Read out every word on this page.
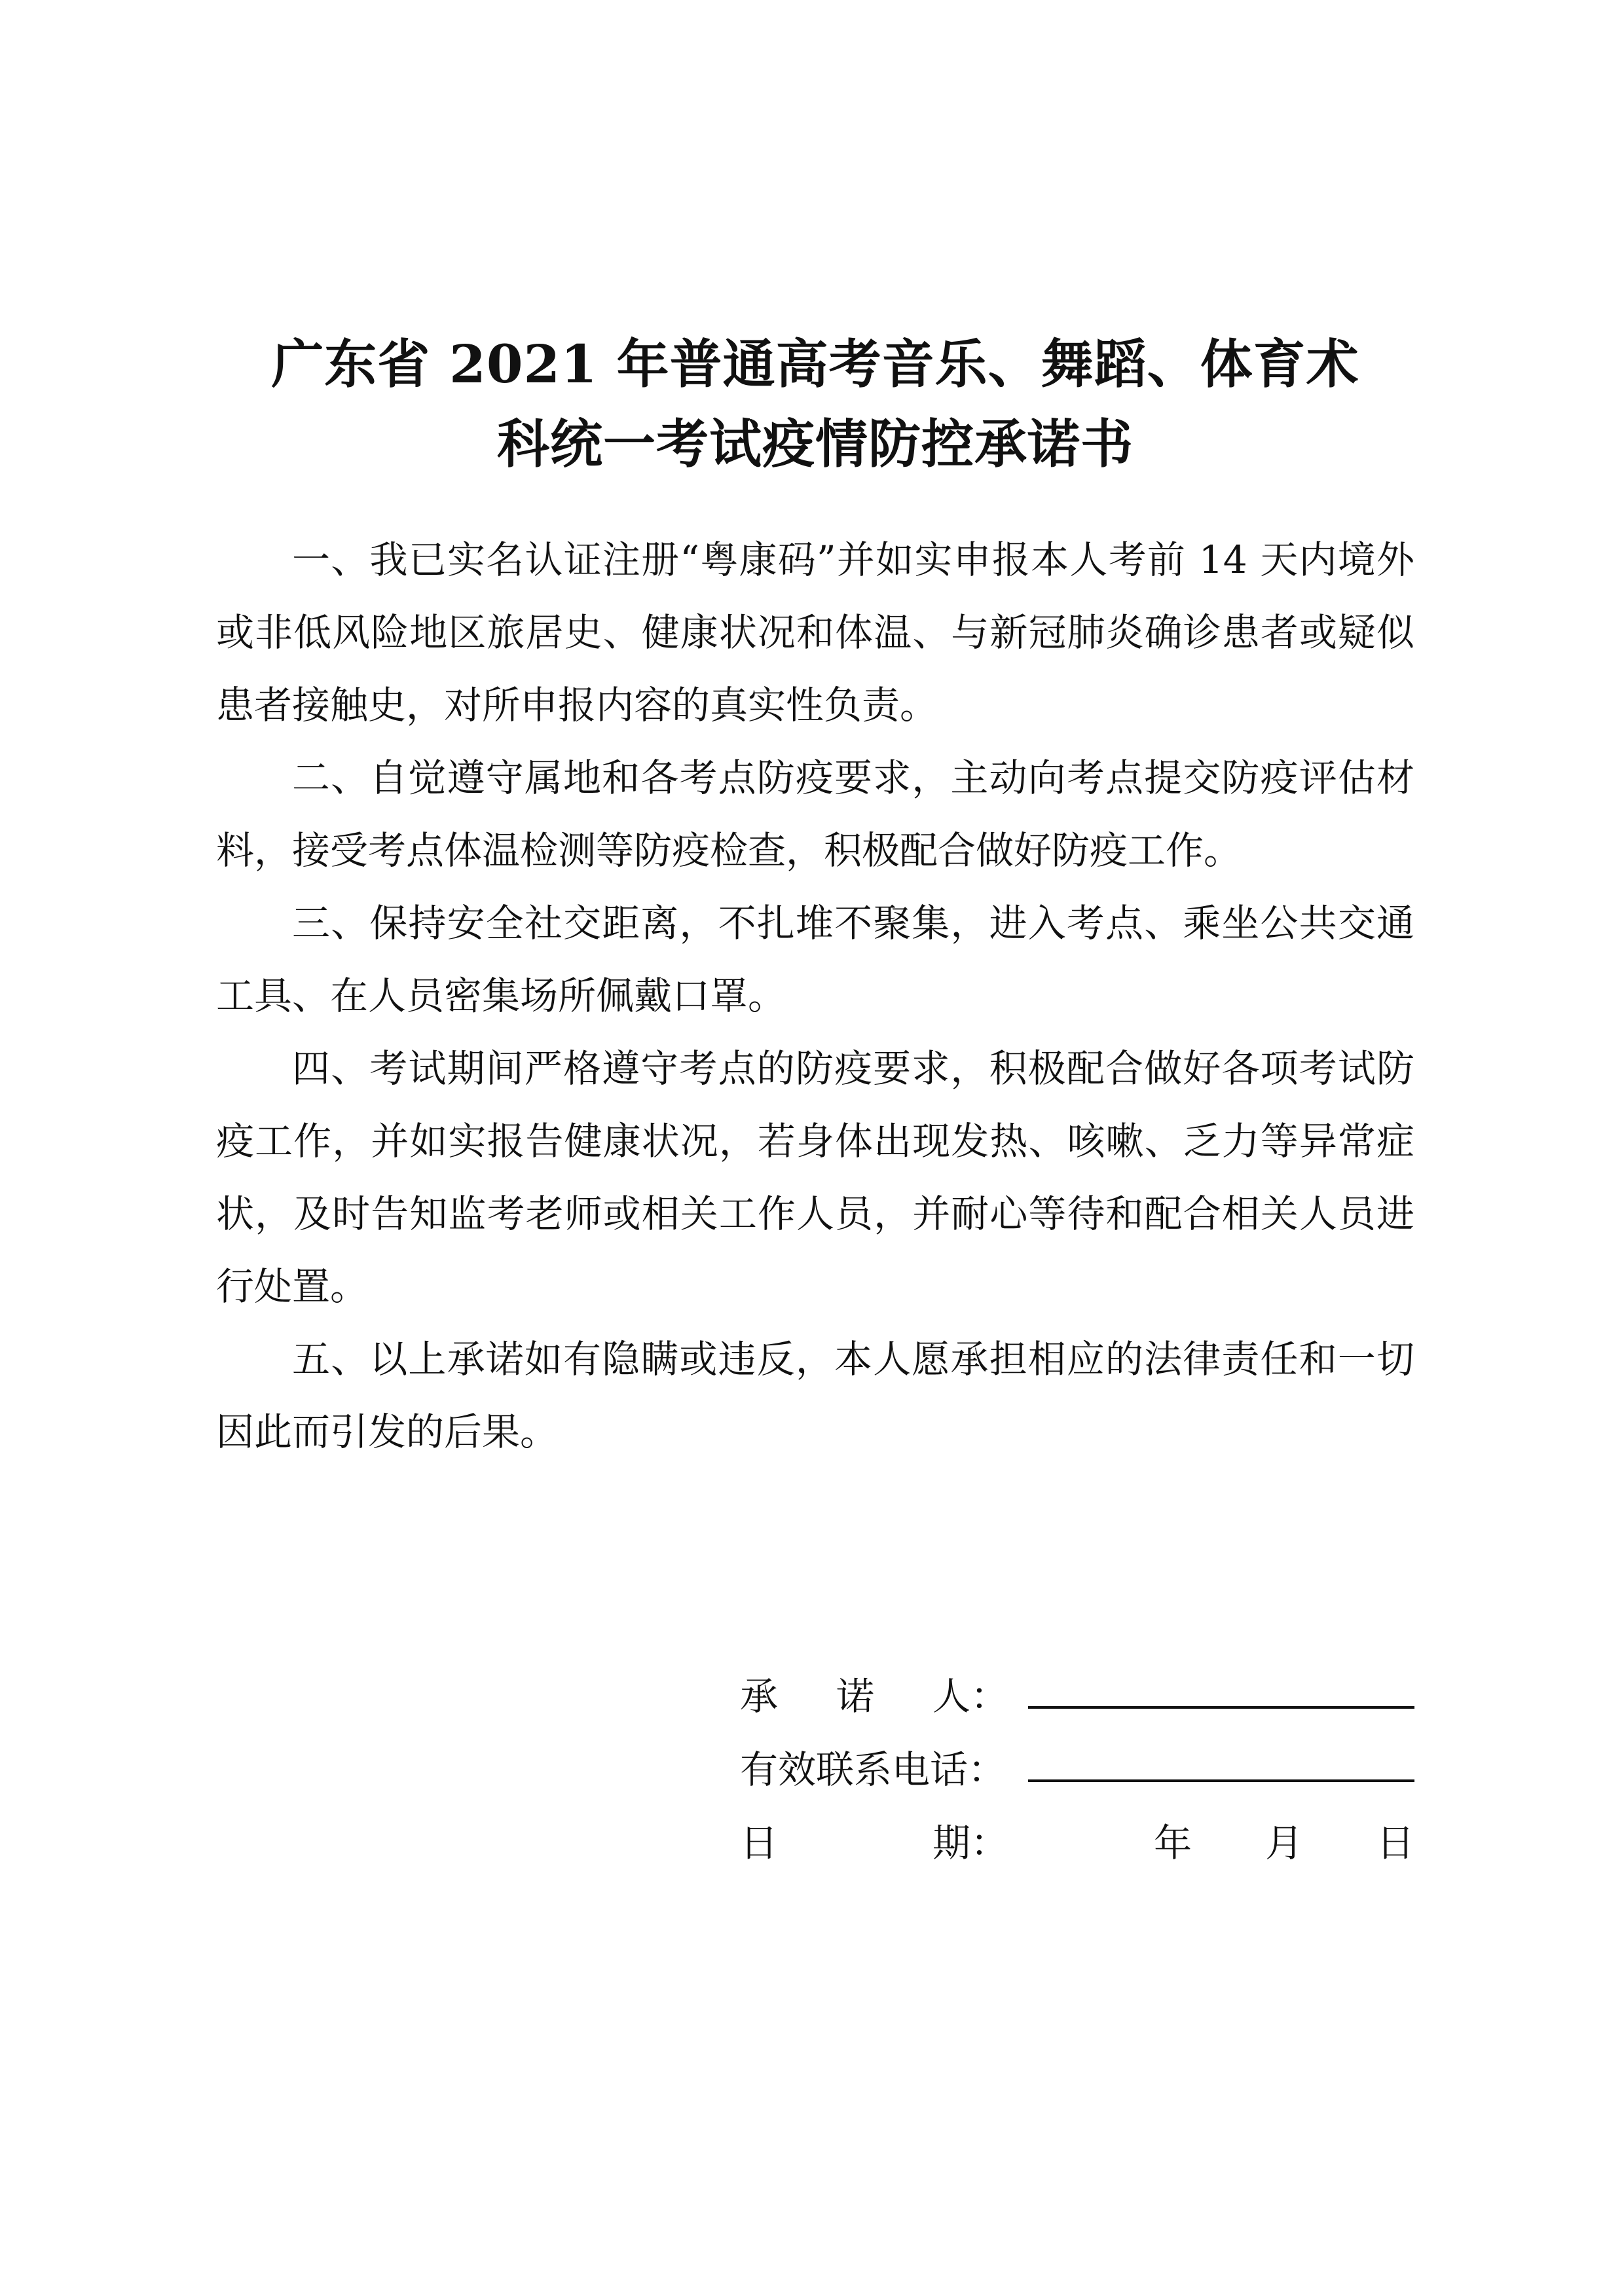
广东省 2021 年普通高考音乐、舞蹈、体育术
科统一考试疫情防控承诺书

一、我已实名认证注册“粤康码”并如实申报本人考前 14 天内境外或非低风险地区旅居史、健康状况和体温、与新冠肺炎确诊患者或疑似患者接触史，对所申报内容的真实性负责。

二、自觉遵守属地和各考点防疫要求，主动向考点提交防疫评估材料，接受考点体温检测等防疫检查，积极配合做好防疫工作。

三、保持安全社交距离，不扎堆不聚集，进入考点、乘坐公共交通工具、在人员密集场所佩戴口罩。

四、考试期间严格遵守考点的防疫要求，积极配合做好各项考试防疫工作，并如实报告健康状况，若身体出现发热、咳嗽、乏力等异常症状，及时告知监考老师或相关工作人员，并耐心等待和配合相关人员进行处置。

五、以上承诺如有隐瞒或违反，本人愿承担相应的法律责任和一切因此而引发的后果。

承 诺 人：
有效联系电话：
日	期：	年	月	日
